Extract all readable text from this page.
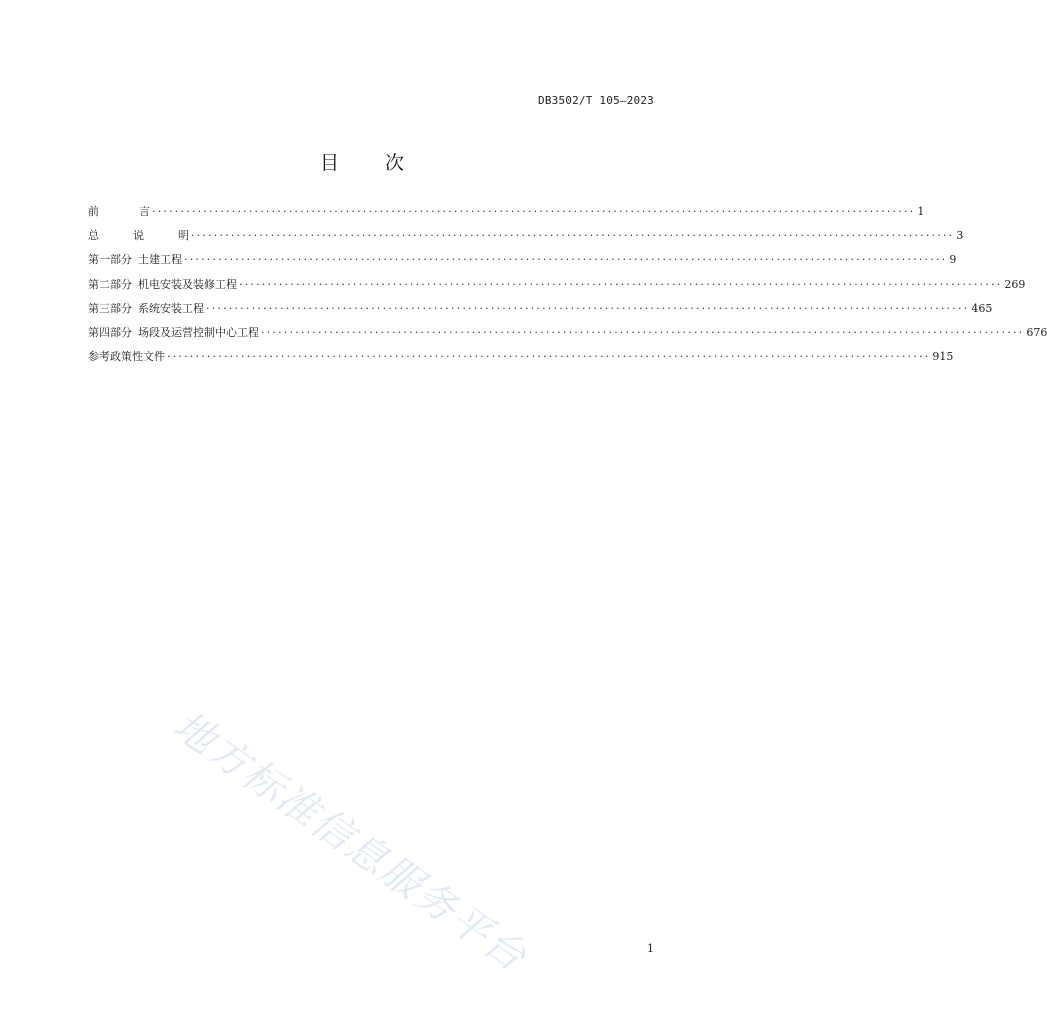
DB3502/T 105—2023
目 次
前	言 ······································································································································ 1
总	说	明 ······································································································································ 3
第一部分 土建工程 ······································································································································ 9
第二部分 机电安装及装修工程 ······································································································································ 269
第三部分 系统安装工程 ······································································································································ 465
第四部分 场段及运营控制中心工程 ······································································································································ 676
参考政策性文件 ······································································································································ 915
地方标准信息服务平台	1
